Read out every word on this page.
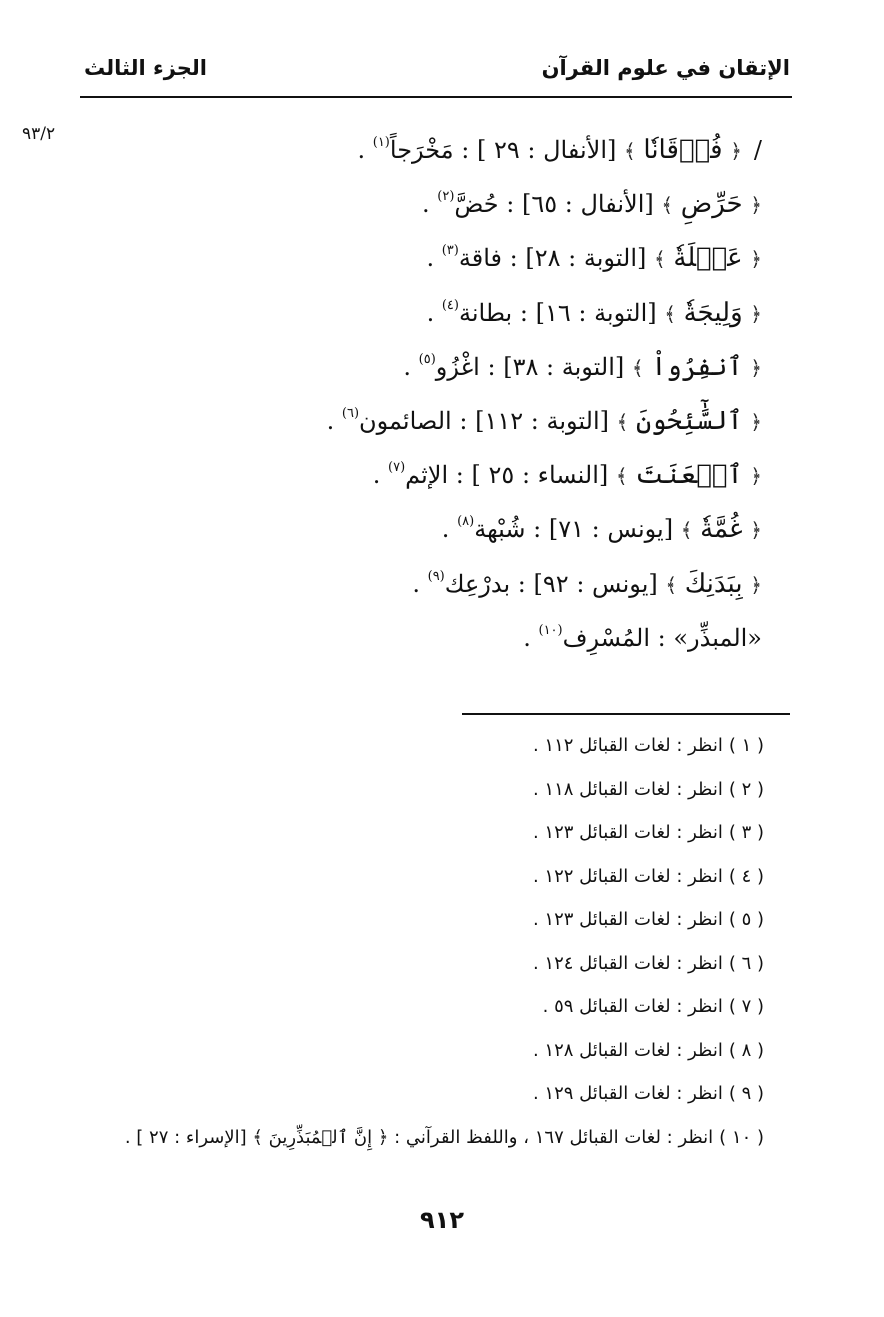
الإتقان في علوم القرآن
الجزء الثالث
٩٣/٢
/﴿ فُرۡقَانٗا ﴾ [الأنفال : ٢٩ ] : مَخْرَجاً$^{(١)}$ .
﴿ حَرِّضِ ﴾ [الأنفال : ٦٥] : حُضَّ$^{(٢)}$ .
﴿ عَيۡلَةٗ ﴾ [التوبة : ٢٨] : فاقة$^{(٣)}$ .
﴿ وَلِيجَةٗ ﴾ [التوبة : ١٦] : بطانة$^{(٤)}$ .
﴿ ٱنفِرُواْ ﴾ [التوبة : ٣٨] : اغْزُو$^{(٥)}$ .
﴿ ٱلسَّٰٓئِحُونَ ﴾ [التوبة : ١١٢] : الصائمون$^{(٦)}$ .
﴿ ٱلۡعَنَتَ ﴾ [النساء : ٢٥ ] : الإثم$^{(٧)}$ .
﴿ غُمَّةٗ ﴾ [يونس : ٧١] : شُبْهة$^{(٨)}$ .
﴿ بِبَدَنِكَ ﴾ [يونس : ٩٢] : بدرْعِك$^{(٩)}$ .
«المبذِّر» : المُسْرِف$^{(١٠)}$ .
( ١ )انظر : لغات القبائل ١١٢ .
( ٢ )انظر : لغات القبائل ١١٨ .
( ٣ )انظر : لغات القبائل ١٢٣ .
( ٤ )انظر : لغات القبائل ١٢٢ .
( ٥ )انظر : لغات القبائل ١٢٣ .
( ٦ )انظر : لغات القبائل ١٢٤ .
( ٧ )انظر : لغات القبائل ٥٩ .
( ٨ )انظر : لغات القبائل ١٢٨ .
( ٩ )انظر : لغات القبائل ١٢٩ .
( ١٠ )انظر : لغات القبائل ١٦٧ ، واللفظ القرآني : ﴿ إِنَّ ٱلۡمُبَذِّرِينَ ﴾ [الإسراء : ٢٧ ] .
٩١٢
